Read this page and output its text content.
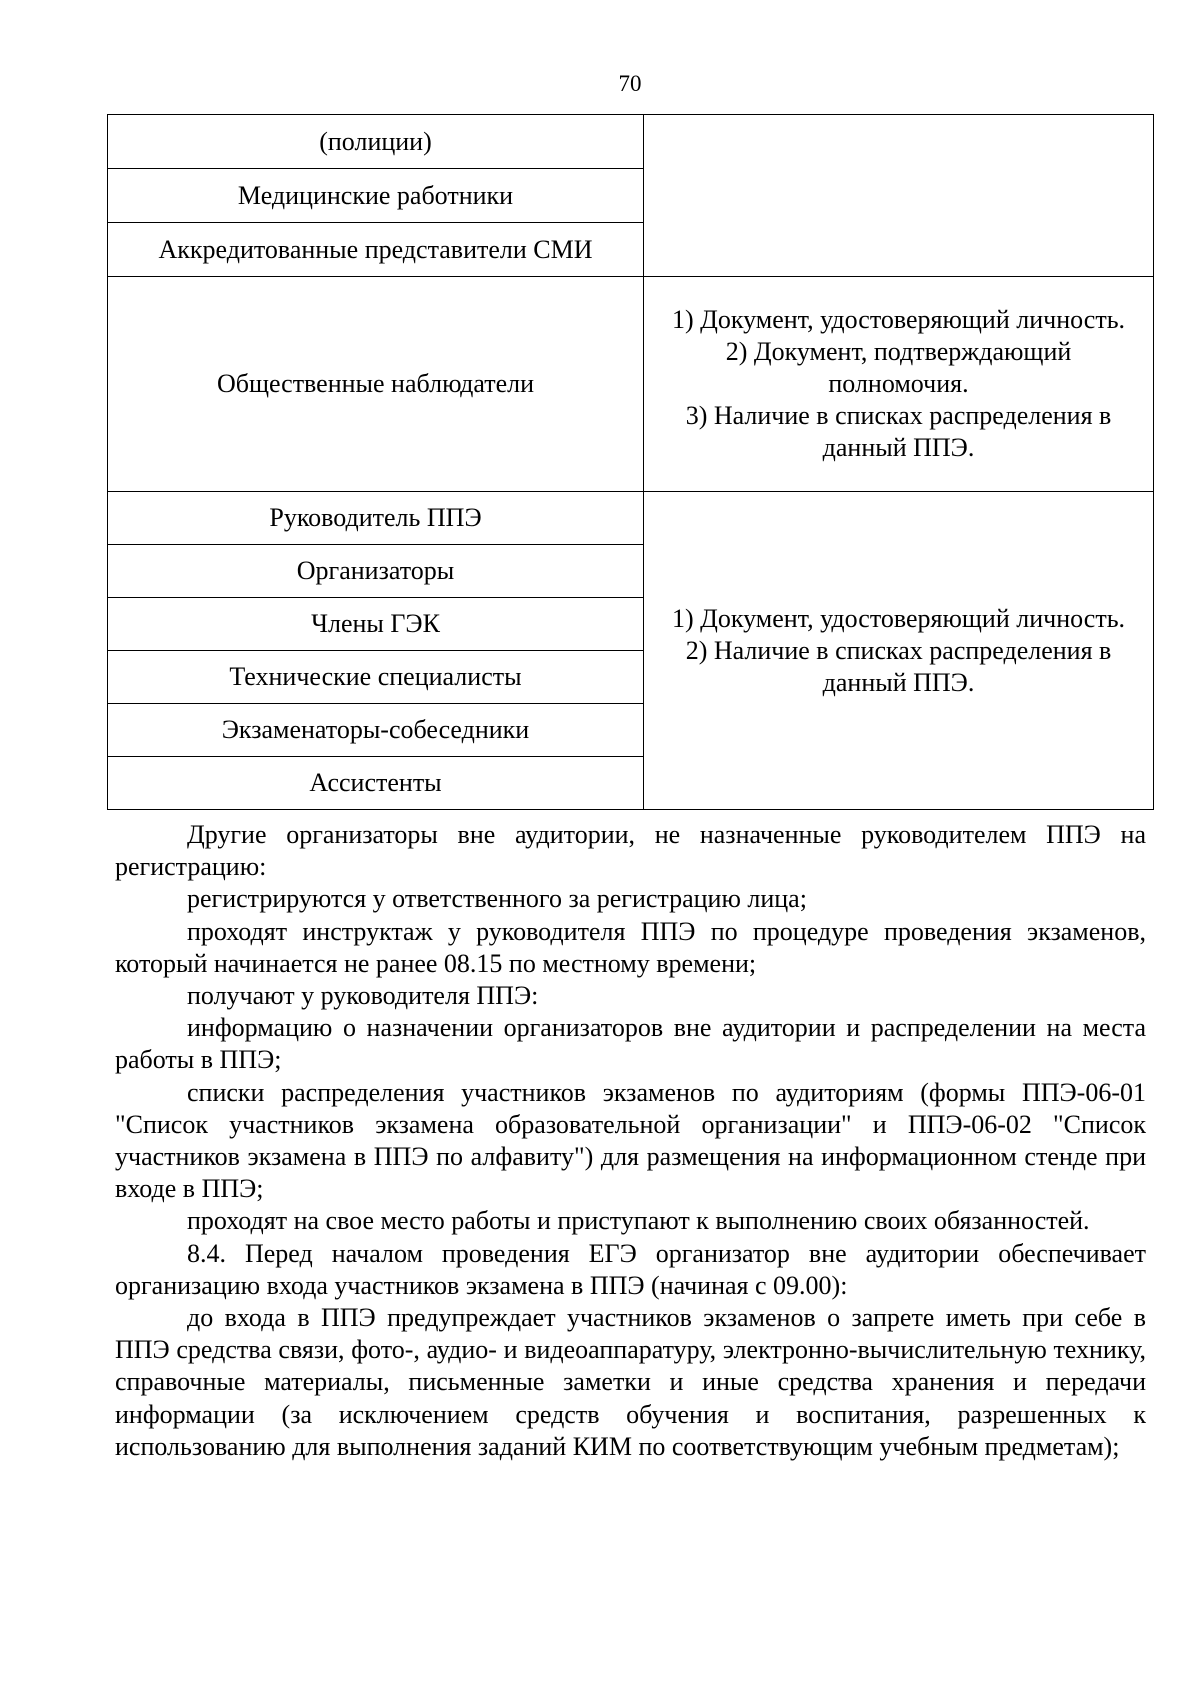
70
(полиции)	
Медицинские работники	
Аккредитованные представители СМИ	
Общественные наблюдатели	1) Документ, удостоверяющий личность.
2) Документ, подтверждающий полномочия.
3) Наличие в списках распределения в данный ППЭ.

Руководитель ППЭ	1) Документ, удостоверяющий личность.
2) Наличие в списках распределения в данный ППЭ.

Организаторы	
Члены ГЭК	
Технические специалисты	
Экзаменаторы-собеседники	
Ассистенты	

Другие организаторы вне аудитории, не назначенные руководителем ППЭ на регистрацию:

регистрируются у ответственного за регистрацию лица;

проходят инструктаж у руководителя ППЭ по процедуре проведения экзаменов, который начинается не ранее 08.15 по местному времени;

получают у руководителя ППЭ:

информацию о назначении организаторов вне аудитории и распределении на места работы в ППЭ;

списки распределения участников экзаменов по аудиториям (формы ППЭ-06-01 "Список участников экзамена образовательной организации" и ППЭ-06-02 "Список участников экзамена в ППЭ по алфавиту") для размещения на информационном стенде при входе в ППЭ;

проходят на свое место работы и приступают к выполнению своих обязанностей.

8.4. Перед началом проведения ЕГЭ организатор вне аудитории обеспечивает организацию входа участников экзамена в ППЭ (начиная с 09.00):

до входа в ППЭ предупреждает участников экзаменов о запрете иметь при себе в ППЭ средства связи, фото-, аудио- и видеоаппаратуру, электронно-вычислительную технику, справочные материалы, письменные заметки и иные средства хранения и передачи информации (за исключением средств обучения и воспитания, разрешенных к использованию для выполнения заданий КИМ по соответствующим учебным предметам);
